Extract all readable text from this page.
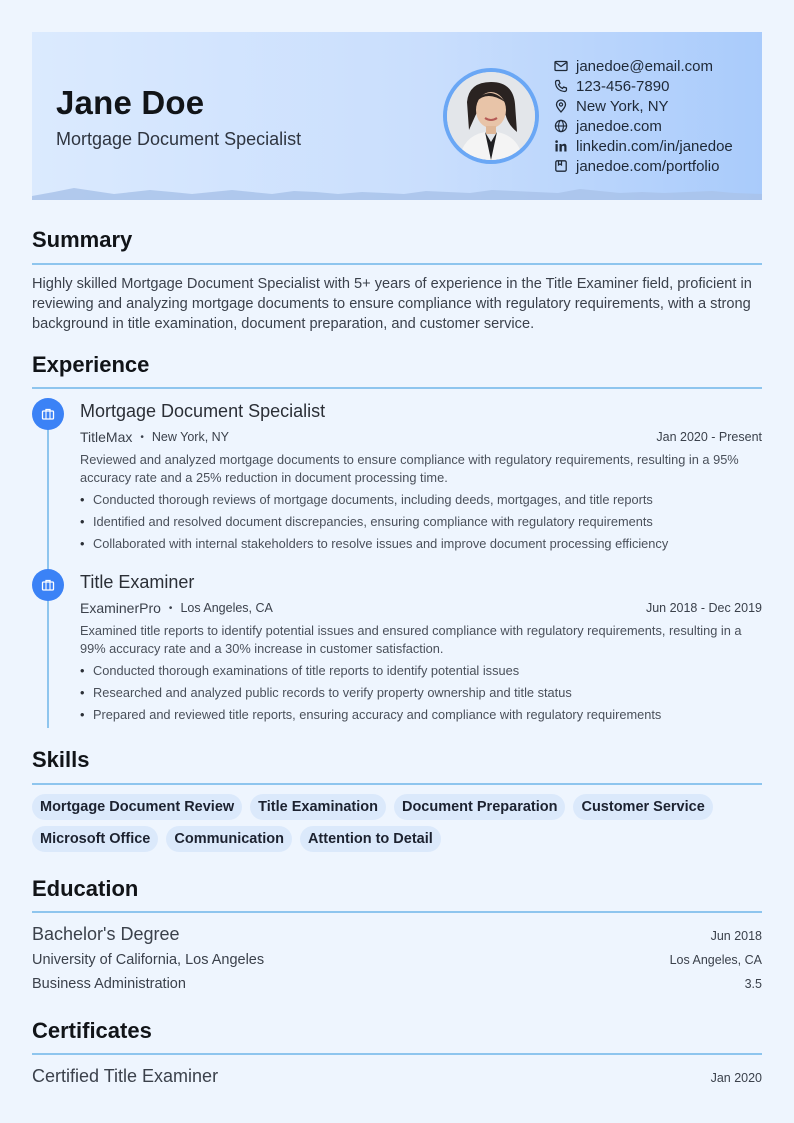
Jane Doe
Mortgage Document Specialist
janedoe@email.com
123-456-7890
New York, NY
janedoe.com
linkedin.com/in/janedoe
janedoe.com/portfolio
Summary
Highly skilled Mortgage Document Specialist with 5+ years of experience in the Title Examiner field, proficient in reviewing and analyzing mortgage documents to ensure compliance with regulatory requirements, with a strong background in title examination, document preparation, and customer service.
Experience
Mortgage Document Specialist
TitleMax • New York, NY	Jan 2020 - Present
Reviewed and analyzed mortgage documents to ensure compliance with regulatory requirements, resulting in a 95% accuracy rate and a 25% reduction in document processing time.
• Conducted thorough reviews of mortgage documents, including deeds, mortgages, and title reports
• Identified and resolved document discrepancies, ensuring compliance with regulatory requirements
• Collaborated with internal stakeholders to resolve issues and improve document processing efficiency
Title Examiner
ExaminerPro • Los Angeles, CA	Jun 2018 - Dec 2019
Examined title reports to identify potential issues and ensured compliance with regulatory requirements, resulting in a 99% accuracy rate and a 30% increase in customer satisfaction.
• Conducted thorough examinations of title reports to identify potential issues
• Researched and analyzed public records to verify property ownership and title status
• Prepared and reviewed title reports, ensuring accuracy and compliance with regulatory requirements
Skills
Mortgage Document Review	Title Examination	Document Preparation	Customer Service
Microsoft Office	Communication	Attention to Detail
Education
Bachelor's Degree	Jun 2018
University of California, Los Angeles	Los Angeles, CA
Business Administration	3.5
Certificates
Certified Title Examiner	Jan 2020
